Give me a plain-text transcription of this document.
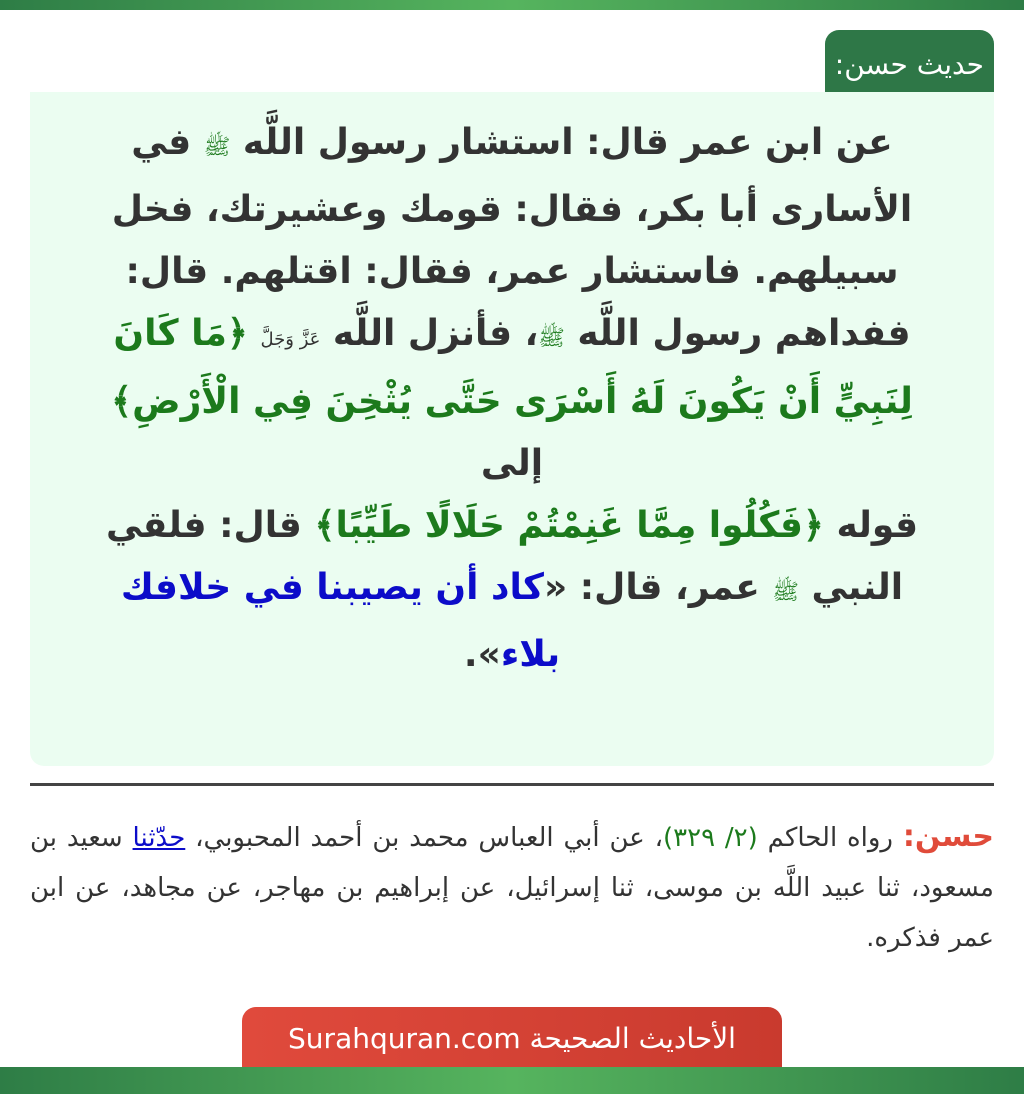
حديث حسن:

عن ابن عمر قال: استشار رسول اللَّه ﷺ في الأسارى أبا بكر، فقال: قومك وعشيرتك، فخل سبيلهم. فاستشار عمر، فقال: اقتلهم. قال: ففداهم رسول اللَّه ﷺ، فأنزل اللَّه عَزَّ وَجَلَّ ﴿مَا كَانَ لِنَبِيٍّ أَنْ يَكُونَ لَهُ أَسْرَى حَتَّى يُثْخِنَ فِي الْأَرْضِ﴾
إلى
قوله ﴿فَكُلُوا مِمَّا غَنِمْتُمْ حَلَالًا طَيِّبًا﴾ قال: فلقي النبي ﷺ عمر، قال: «كاد أن يصيبنا في خلافك بلاء».

حسن: رواه الحاكم (٢/ ٣٢٩)، عن أبي العباس محمد بن أحمد المحبوبي، حدّثنا سعيد بن مسعود، ثنا عبيد اللَّه بن موسى، ثنا إسرائيل، عن إبراهيم بن مهاجر، عن مجاهد، عن ابن عمر فذكره.

الأحاديث الصحيحة Surahquran.com
